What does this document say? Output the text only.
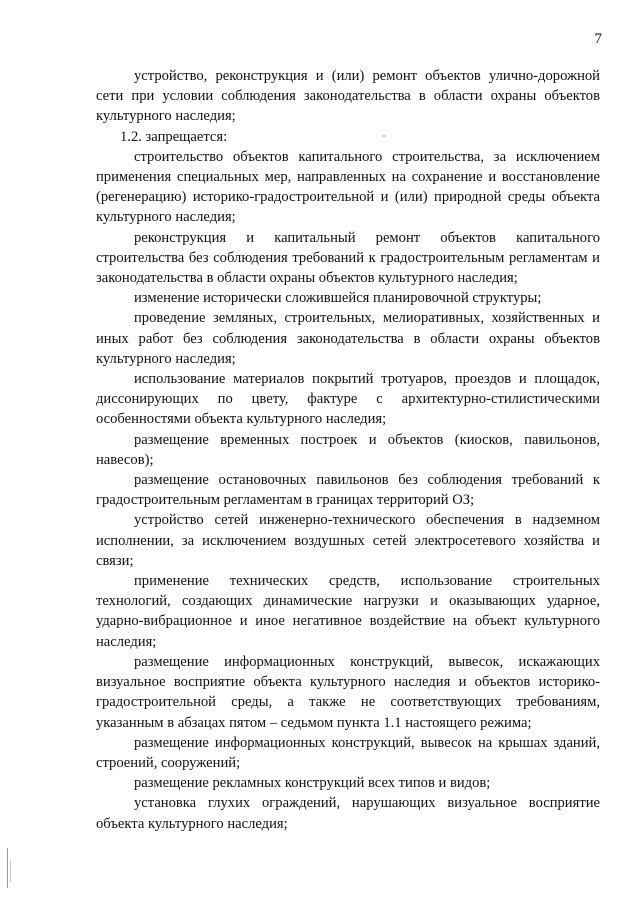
7

устройство, реконструкция и (или) ремонт объектов улично-дорожной сети при условии соблюдения законодательства в области охраны объектов культурного наследия;

1.2. запрещается:

строительство объектов капитального строительства, за исключением применения специальных мер, направленных на сохранение и восстановление (регенерацию) историко-градостроительной и (или) природной среды объекта культурного наследия;

реконструкция и капитальный ремонт объектов капитального строительства без соблюдения требований к градостроительным регламентам и законодательства в области охраны объектов культурного наследия;

изменение исторически сложившейся планировочной структуры;

проведение земляных, строительных, мелиоративных, хозяйственных и иных работ без соблюдения законодательства в области охраны объектов культурного наследия;

использование материалов покрытий тротуаров, проездов и площадок, диссонирующих по цвету, фактуре с архитектурно-стилистическими особенностями объекта культурного наследия;

размещение временных построек и объектов (киосков, павильонов, навесов);

размещение остановочных павильонов без соблюдения требований к градостроительным регламентам в границах территорий ОЗ;

устройство сетей инженерно-технического обеспечения в надземном исполнении, за исключением воздушных сетей электросетевого хозяйства и связи;

применение технических средств, использование строительных технологий, создающих динамические нагрузки и оказывающих ударное, ударно-вибрационное и иное негативное воздействие на объект культурного наследия;

размещение информационных конструкций, вывесок, искажающих визуальное восприятие объекта культурного наследия и объектов историко-градостроительной среды, а также не соответствующих требованиям, указанным в абзацах пятом – седьмом пункта 1.1 настоящего режима;

размещение информационных конструкций, вывесок на крышах зданий, строений, сооружений;

размещение рекламных конструкций всех типов и видов;

установка глухих ограждений, нарушающих визуальное восприятие объекта культурного наследия;
